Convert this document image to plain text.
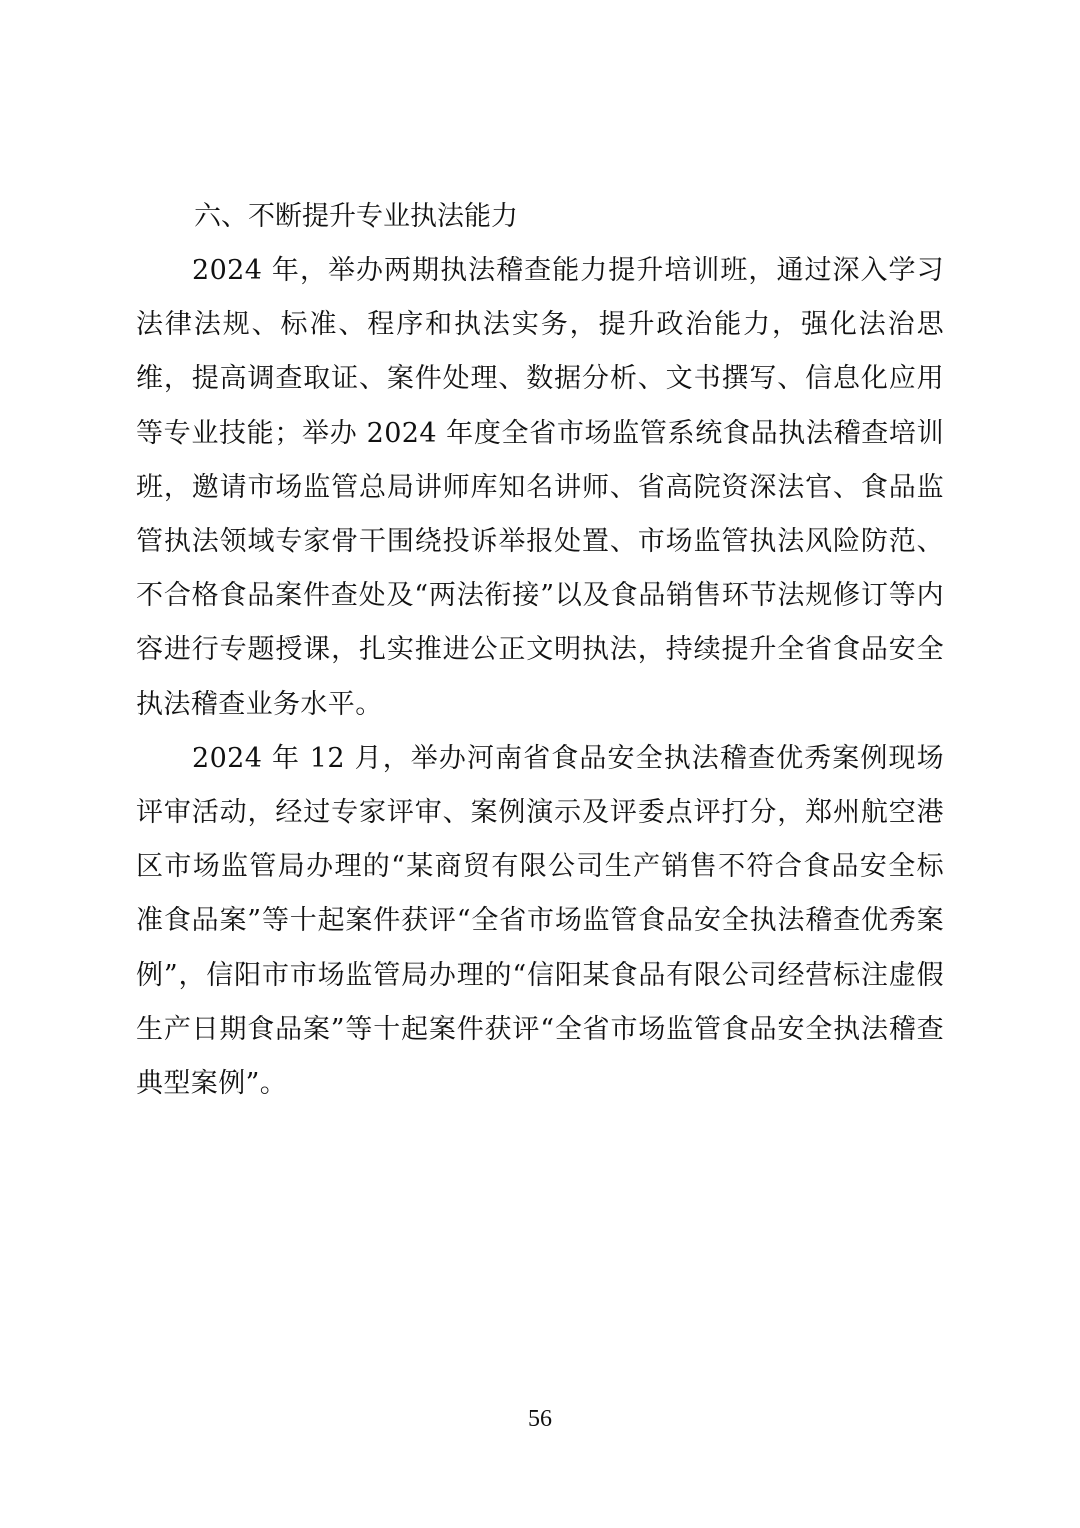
六、不断提升专业执法能力

2024 年，举办两期执法稽查能力提升培训班，通过深入学习法律法规、标准、程序和执法实务，提升政治能力，强化法治思维，提高调查取证、案件处理、数据分析、文书撰写、信息化应用等专业技能；举办 2024 年度全省市场监管系统食品执法稽查培训班，邀请市场监管总局讲师库知名讲师、省高院资深法官、食品监管执法领域专家骨干围绕投诉举报处置、市场监管执法风险防范、不合格食品案件查处及“两法衔接”以及食品销售环节法规修订等内容进行专题授课，扎实推进公正文明执法，持续提升全省食品安全执法稽查业务水平。

2024 年 12 月，举办河南省食品安全执法稽查优秀案例现场评审活动，经过专家评审、案例演示及评委点评打分，郑州航空港区市场监管局办理的“某商贸有限公司生产销售不符合食品安全标准食品案”等十起案件获评“全省市场监管食品安全执法稽查优秀案例”，信阳市市场监管局办理的“信阳某食品有限公司经营标注虚假生产日期食品案”等十起案件获评“全省市场监管食品安全执法稽查典型案例”。

56
